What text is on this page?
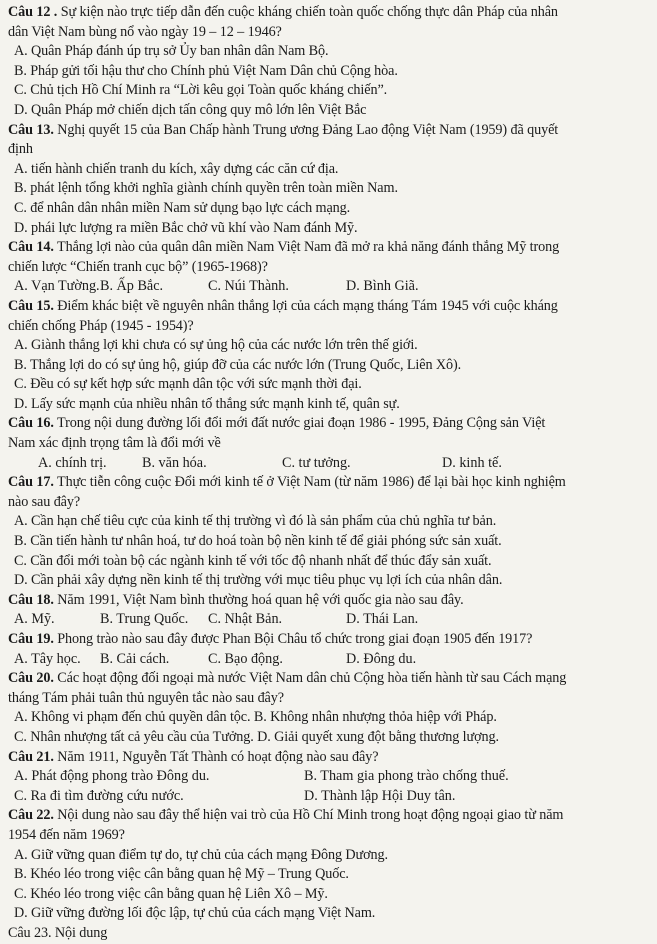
Câu 12 . Sự kiện nào trực tiếp dẫn đến cuộc kháng chiến toàn quốc chống thực dân Pháp của nhân
dân Việt Nam bùng nổ vào ngày 19 – 12 – 1946?
A. Quân Pháp đánh úp trụ sở Ủy ban nhân dân Nam Bộ.
B. Pháp gửi tối hậu thư cho Chính phủ Việt Nam Dân chủ Cộng hòa.
C. Chủ tịch Hồ Chí Minh ra “Lời kêu gọi Toàn quốc kháng chiến”.
D. Quân Pháp mở chiến dịch tấn công quy mô lớn lên Việt Bắc
Câu 13. Nghị quyết 15 của Ban Chấp hành Trung ương Đảng Lao động Việt Nam (1959) đã quyết
định
A. tiến hành chiến tranh du kích, xây dựng các căn cứ địa.
B. phát lệnh tổng khởi nghĩa giành chính quyền trên toàn miền Nam.
C. để nhân dân nhân miền Nam sử dụng bạo lực cách mạng.
D. phái lực lượng ra miền Bắc chở vũ khí vào Nam đánh Mỹ.
Câu 14. Thắng lợi nào của quân dân miền Nam Việt Nam đã mở ra khả năng đánh thắng Mỹ trong
chiến lược “Chiến tranh cục bộ” (1965-1968)?
A. Vạn Tường. B. Ấp Bắc.	C. Núi Thành.	D. Bình Giã.
Câu 15. Điểm khác biệt về nguyên nhân thắng lợi của cách mạng tháng Tám 1945 với cuộc kháng
chiến chống Pháp (1945 - 1954)?
A. Giành thắng lợi khi chưa có sự ủng hộ của các nước lớn trên thế giới.
B. Thắng lợi do có sự ủng hộ, giúp đỡ của các nước lớn (Trung Quốc, Liên Xô).
C. Đều có sự kết hợp sức mạnh dân tộc với sức mạnh thời đại.
D. Lấy sức mạnh của nhiều nhân tố thắng sức mạnh kinh tế, quân sự.
Câu 16. Trong nội dung đường lối đổi mới đất nước giai đoạn 1986 - 1995, Đảng Cộng sản Việt
Nam xác định trọng tâm là đổi mới về
A. chính trị.	B. văn hóa.	C. tư tưởng.	D. kinh tế.
Câu 17. Thực tiễn công cuộc Đổi mới kinh tế ở Việt Nam (từ năm 1986) để lại bài học kinh nghiệm
nào sau đây?
A. Cần hạn chế tiêu cực của kinh tế thị trường vì đó là sản phẩm của chủ nghĩa tư bản.
B. Cần tiến hành tư nhân hoá, tư do hoá toàn bộ nền kinh tế để giải phóng sức sản xuất.
C. Cần đổi mới toàn bộ các ngành kinh tế với tốc độ nhanh nhất để thúc đẩy sản xuất.
D. Cần phải xây dựng nền kinh tế thị trường với mục tiêu phục vụ lợi ích của nhân dân.
Câu 18. Năm 1991, Việt Nam bình thường hoá quan hệ với quốc gia nào sau đây.
A. Mỹ.	B. Trung Quốc.	C. Nhật Bản.	D. Thái Lan.
Câu 19. Phong trào nào sau đây được Phan Bội Châu tổ chức trong giai đoạn 1905 đến 1917?
A. Tây học.	B. Cải cách.	C. Bạo động.	D. Đông du.
Câu 20. Các hoạt động đối ngoại mà nước Việt Nam dân chủ Cộng hòa tiến hành từ sau Cách mạng
tháng Tám phải tuân thủ nguyên tắc nào sau đây?
A. Không vi phạm đến chủ quyền dân tộc. B. Không nhân nhượng thỏa hiệp với Pháp.
C. Nhân nhượng tất cả yêu cầu của Tưởng. D. Giải quyết xung đột bằng thương lượng.
Câu 21. Năm 1911, Nguyễn Tất Thành có hoạt động nào sau đây?
A. Phát động phong trào Đông du.	B. Tham gia phong trào chống thuế.
C. Ra đi tìm đường cứu nước.	D. Thành lập Hội Duy tân.
Câu 22. Nội dung nào sau đây thể hiện vai trò của Hồ Chí Minh trong hoạt động ngoại giao từ năm
1954 đến năm 1969?
A. Giữ vững quan điểm tự do, tự chủ của cách mạng Đông Dương.
B. Khéo léo trong việc cân bằng quan hệ Mỹ – Trung Quốc.
C. Khéo léo trong việc cân bằng quan hệ Liên Xô – Mỹ.
D. Giữ vững đường lối độc lập, tự chủ của cách mạng Việt Nam.
Câu 23. Nội dung
